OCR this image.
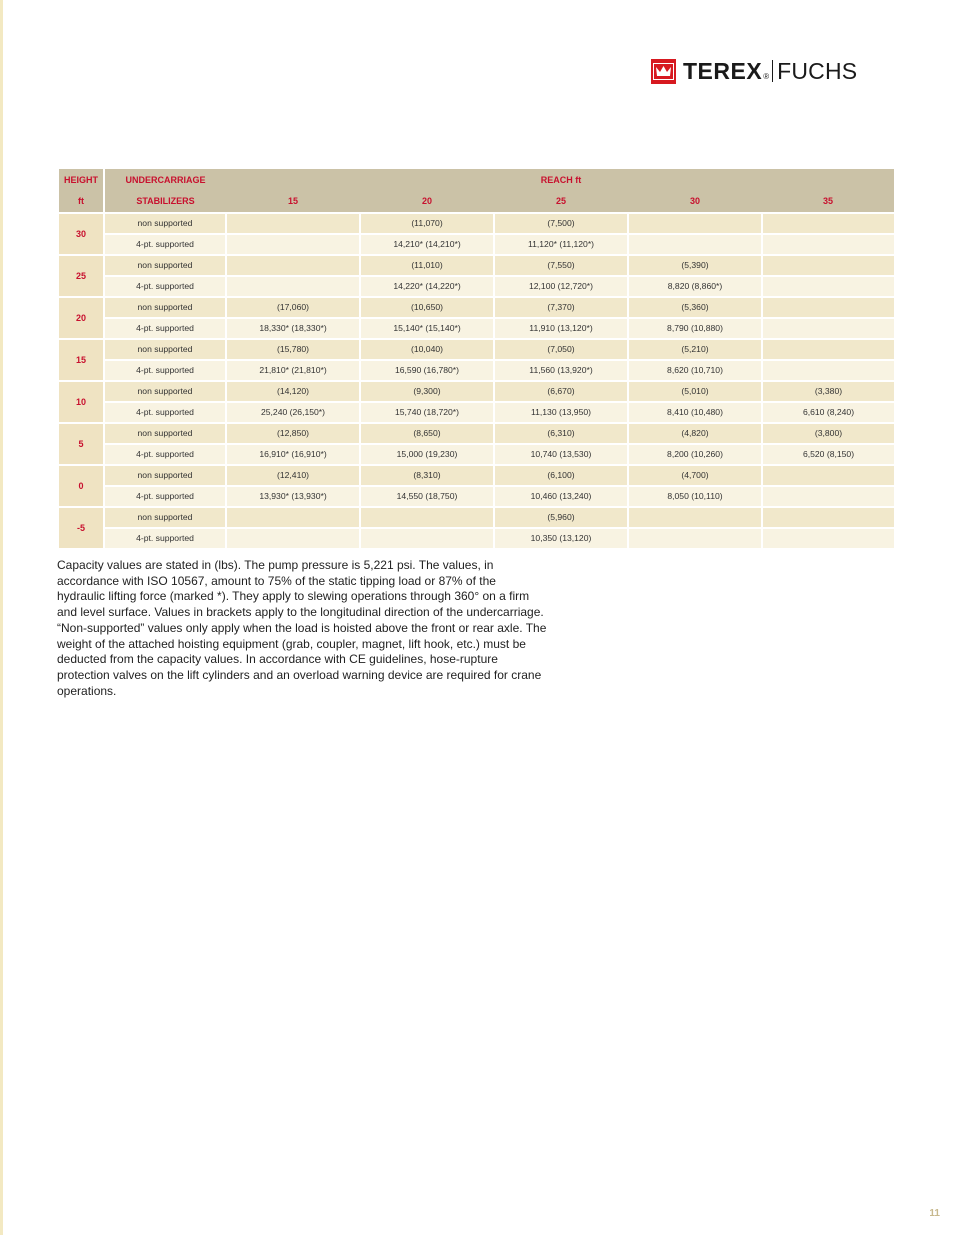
TEREX ® FUCHS
HEIGHT	UNDERCARRIAGE			REACH ft		
ft	STABILIZERS	15	20	25	30	35

30	non supported		(11,070)	(7,500)		
	4-pt. supported		14,210* (14,210*)	11,120* (11,120*)		
25	non supported		(11,010)	(7,550)	(5,390)	
	4-pt. supported		14,220* (14,220*)	12,100 (12,720*)	8,820 (8,860*)	
20	non supported	(17,060)	(10,650)	(7,370)	(5,360)	
	4-pt. supported	18,330* (18,330*)	15,140* (15,140*)	11,910 (13,120*)	8,790 (10,880)	
15	non supported	(15,780)	(10,040)	(7,050)	(5,210)	
	4-pt. supported	21,810* (21,810*)	16,590 (16,780*)	11,560 (13,920*)	8,620 (10,710)	
10	non supported	(14,120)	(9,300)	(6,670)	(5,010)	(3,380)
	4-pt. supported	25,240 (26,150*)	15,740 (18,720*)	11,130 (13,950)	8,410 (10,480)	6,610 (8,240)
5	non supported	(12,850)	(8,650)	(6,310)	(4,820)	(3,800)
	4-pt. supported	16,910* (16,910*)	15,000 (19,230)	10,740 (13,530)	8,200 (10,260)	6,520 (8,150)
0	non supported	(12,410)	(8,310)	(6,100)	(4,700)	
	4-pt. supported	13,930* (13,930*)	14,550 (18,750)	10,460 (13,240)	8,050 (10,110)	
-5	non supported			(5,960)		
	4-pt. supported			10,350 (13,120)		
Capacity values are stated in (lbs). The pump pressure is 5,221 psi. The values, in accordance with ISO 10567, amount to 75% of the static tipping load or 87% of the hydraulic lifting force (marked *). They apply to slewing operations through 360° on a firm and level surface. Values in brackets apply to the longitudinal direction of the undercarriage. “Non-supported” values only apply when the load is hoisted above the front or rear axle. The weight of the attached hoisting equipment (grab, coupler, magnet, lift hook, etc.) must be deducted from the capacity values. In accordance with CE guidelines, hose-rupture protection valves on the lift cylinders and an overload warning device are required for crane operations.
11
